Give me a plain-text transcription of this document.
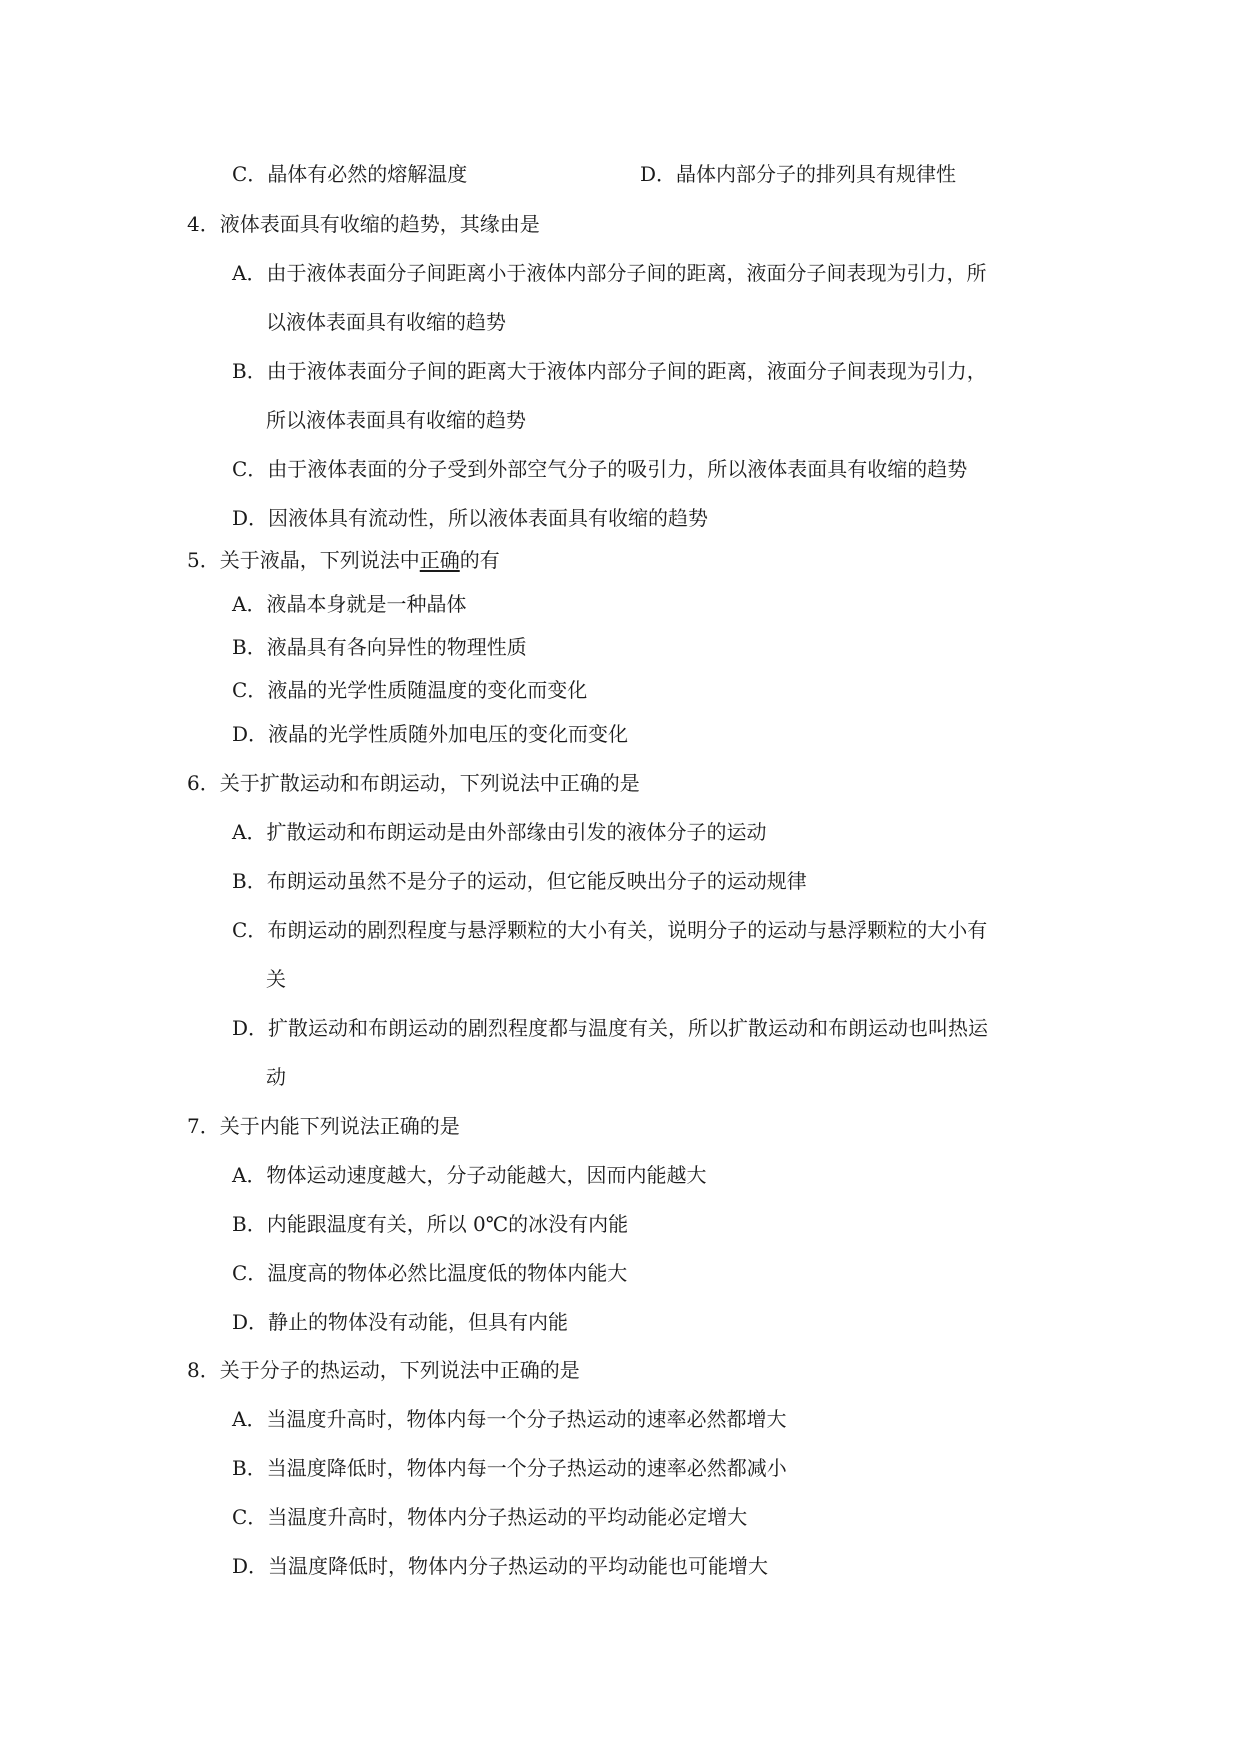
C．晶体有必然的熔解温度	D．晶体内部分子的排列具有规律性
4．液体表面具有收缩的趋势，其缘由是
A．由于液体表面分子间距离小于液体内部分子间的距离，液面分子间表现为引力，所
以液体表面具有收缩的趋势
B．由于液体表面分子间的距离大于液体内部分子间的距离，液面分子间表现为引力，
所以液体表面具有收缩的趋势
C．由于液体表面的分子受到外部空气分子的吸引力，所以液体表面具有收缩的趋势
D．因液体具有流动性，所以液体表面具有收缩的趋势
5．关于液晶，下列说法中正确的有
A．液晶本身就是一种晶体
B．液晶具有各向异性的物理性质
C．液晶的光学性质随温度的变化而变化
D．液晶的光学性质随外加电压的变化而变化
6．关于扩散运动和布朗运动，下列说法中正确的是
A．扩散运动和布朗运动是由外部缘由引发的液体分子的运动
B．布朗运动虽然不是分子的运动，但它能反映出分子的运动规律
C．布朗运动的剧烈程度与悬浮颗粒的大小有关，说明分子的运动与悬浮颗粒的大小有
关
D．扩散运动和布朗运动的剧烈程度都与温度有关，所以扩散运动和布朗运动也叫热运
动
7．关于内能下列说法正确的是
A．物体运动速度越大，分子动能越大，因而内能越大
B．内能跟温度有关，所以 0℃的冰没有内能
C．温度高的物体必然比温度低的物体内能大
D．静止的物体没有动能，但具有内能
8．关于分子的热运动，下列说法中正确的是
A．当温度升高时，物体内每一个分子热运动的速率必然都增大
B．当温度降低时，物体内每一个分子热运动的速率必然都减小
C．当温度升高时，物体内分子热运动的平均动能必定增大
D．当温度降低时，物体内分子热运动的平均动能也可能增大
